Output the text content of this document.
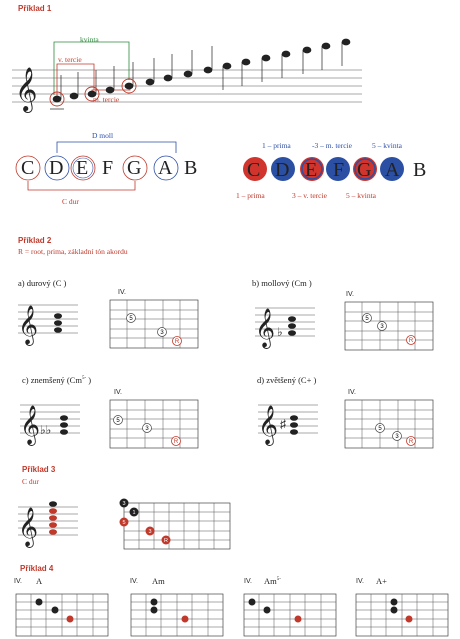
Příklad 1
𝄞
kvinta
v. tercie
m. tercie
D moll
C D E F G A B
C dur
1 – prima	-3 – m. tercie	5 – kvinta
C D E F G A B
1 – prima	3 – v. tercie	5 – kvinta
Příklad 2
R = root, prima, základní tón akordu
a) durový (C )	b) mollový (Cm )
c) znemšený ($Cm^{5-}$ )	d) zvětšený (C+ )
IV.	IV.
IV.	IV.
𝄞
5
3
R
♭
5
3
R
♭♭
5
3
R
♯	5
3
R
Příklad 3
C dur
3
1
5
3
R
Příklad 4
IV. A	IV. Am	IV. $Am^{5-}$	IV. A+
